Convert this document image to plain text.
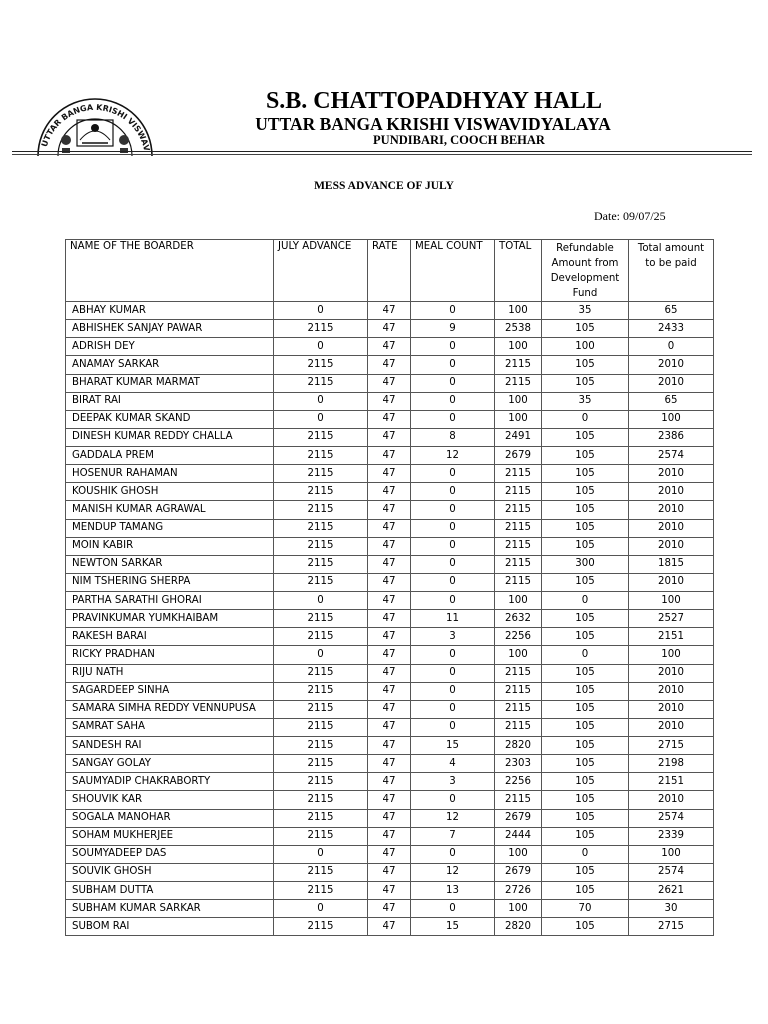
UTTAR BANGA KRISHI VISWAV
S.B. CHATTOPADHYAY HALL
UTTAR BANGA KRISHI VISWAVIDYALAYA
PUNDIBARI, COOCH BEHAR
MESS ADVANCE OF JULY
Date: 09/07/25
NAME OF THE BOARDER	JULY ADVANCE	RATE	MEAL COUNT	TOTAL	Refundable Amount from Development Fund	Total amount to be paid
ABHAY KUMAR	0	47	0	100	35	65
ABHISHEK SANJAY PAWAR	2115	47	9	2538	105	2433
ADRISH DEY	0	47	0	100	100	0
ANAMAY SARKAR	2115	47	0	2115	105	2010
BHARAT KUMAR MARMAT	2115	47	0	2115	105	2010
BIRAT RAI	0	47	0	100	35	65
DEEPAK KUMAR SKAND	0	47	0	100	0	100
DINESH KUMAR REDDY CHALLA	2115	47	8	2491	105	2386
GADDALA PREM	2115	47	12	2679	105	2574
HOSENUR RAHAMAN	2115	47	0	2115	105	2010
KOUSHIK GHOSH	2115	47	0	2115	105	2010
MANISH KUMAR AGRAWAL	2115	47	0	2115	105	2010
MENDUP TAMANG	2115	47	0	2115	105	2010
MOIN KABIR	2115	47	0	2115	105	2010
NEWTON SARKAR	2115	47	0	2115	300	1815
NIM TSHERING SHERPA	2115	47	0	2115	105	2010
PARTHA SARATHI GHORAI	0	47	0	100	0	100
PRAVINKUMAR YUMKHAIBAM	2115	47	11	2632	105	2527
RAKESH BARAI	2115	47	3	2256	105	2151
RICKY PRADHAN	0	47	0	100	0	100
RIJU NATH	2115	47	0	2115	105	2010
SAGARDEEP SINHA	2115	47	0	2115	105	2010
SAMARA SIMHA REDDY VENNUPUSA	2115	47	0	2115	105	2010
SAMRAT SAHA	2115	47	0	2115	105	2010
SANDESH RAI	2115	47	15	2820	105	2715
SANGAY GOLAY	2115	47	4	2303	105	2198
SAUMYADIP CHAKRABORTY	2115	47	3	2256	105	2151
SHOUVIK KAR	2115	47	0	2115	105	2010
SOGALA MANOHAR	2115	47	12	2679	105	2574
SOHAM MUKHERJEE	2115	47	7	2444	105	2339
SOUMYADEEP DAS	0	47	0	100	0	100
SOUVIK GHOSH	2115	47	12	2679	105	2574
SUBHAM DUTTA	2115	47	13	2726	105	2621
SUBHAM KUMAR SARKAR	0	47	0	100	70	30
SUBOM RAI	2115	47	15	2820	105	2715
